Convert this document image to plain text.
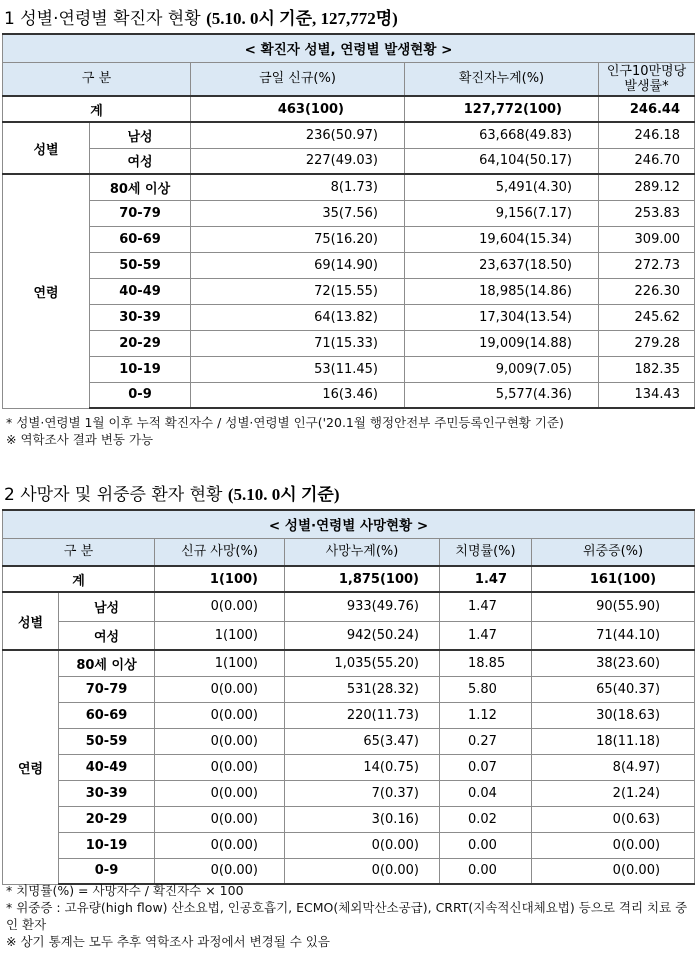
1 성별·연령별 확진자 현황 (5.10. 0시 기준, 127,772명)
< 확진자 성별, 연령별 발생현황 >				
구 분		금일 신규(%)	확진자누계(%)	인구10만명당 발생률*
계		463(100)	127,772(100)	246.44
성별	남성	236(50.97)	63,668(49.83)	246.18
	여성	227(49.03)	64,104(50.17)	246.70
연령	80세 이상	8(1.73)	5,491(4.30)	289.12
	70-79	35(7.56)	9,156(7.17)	253.83
	60-69	75(16.20)	19,604(15.34)	309.00
	50-59	69(14.90)	23,637(18.50)	272.73
	40-49	72(15.55)	18,985(14.86)	226.30
	30-39	64(13.82)	17,304(13.54)	245.62
	20-29	71(15.33)	19,009(14.88)	279.28
	10-19	53(11.45)	9,009(7.05)	182.35
	0-9	16(3.46)	5,577(4.36)	134.43
* 성별·연령별 1월 이후 누적 확진자수 / 성별·연령별 인구('20.1월 행정안전부 주민등록인구현황 기준)
※ 역학조사 결과 변동 가능
2 사망자 및 위중증 환자 현황 (5.10. 0시 기준)
< 성별·연령별 사망현황 >					
구 분		신규 사망(%)	사망누계(%)	치명률(%)	위중증(%)
계		1(100)	1,875(100)	1.47	161(100)
성별	남성	0(0.00)	933(49.76)	1.47	90(55.90)
	여성	1(100)	942(50.24)	1.47	71(44.10)
연령	80세 이상	1(100)	1,035(55.20)	18.85	38(23.60)
	70-79	0(0.00)	531(28.32)	5.80	65(40.37)
	60-69	0(0.00)	220(11.73)	1.12	30(18.63)
	50-59	0(0.00)	65(3.47)	0.27	18(11.18)
	40-49	0(0.00)	14(0.75)	0.07	8(4.97)
	30-39	0(0.00)	7(0.37)	0.04	2(1.24)
	20-29	0(0.00)	3(0.16)	0.02	0(0.63)
	10-19	0(0.00)	0(0.00)	0.00	0(0.00)
	0-9	0(0.00)	0(0.00)	0.00	0(0.00)
* 치명률(%) = 사망자수 / 확진자수 × 100
* 위중증 : 고유량(high flow) 산소요법, 인공호흡기, ECMO(체외막산소공급), CRRT(지속적신대체요법) 등으로 격리 치료 중인 환자
※ 상기 통계는 모두 추후 역학조사 과정에서 변경될 수 있음
